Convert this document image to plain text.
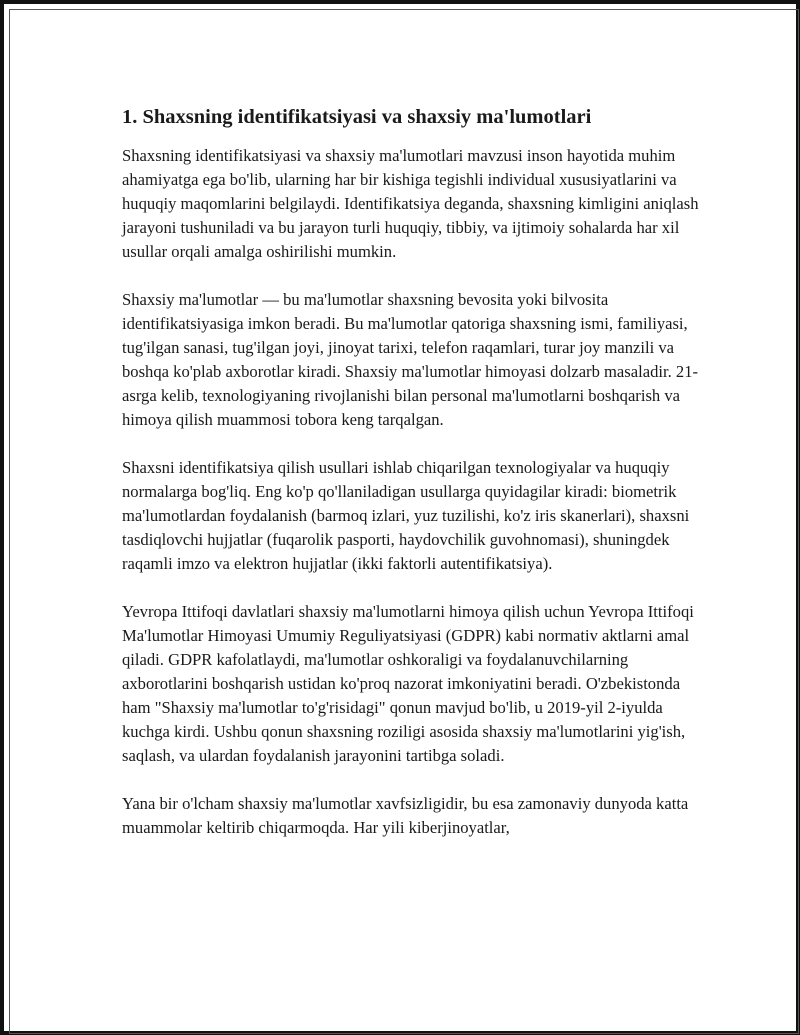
1. Shaxsning identifikatsiyasi va shaxsiy ma'lumotlari

Shaxsning identifikatsiyasi va shaxsiy ma'lumotlari mavzusi inson hayotida muhim ahamiyatga ega bo'lib, ularning har bir kishiga tegishli individual xususiyatlarini va huquqiy maqomlarini belgilaydi. Identifikatsiya deganda, shaxsning kimligini aniqlash jarayoni tushuniladi va bu jarayon turli huquqiy, tibbiy, va ijtimoiy sohalarda har xil usullar orqali amalga oshirilishi mumkin.

Shaxsiy ma'lumotlar — bu ma'lumotlar shaxsning bevosita yoki bilvosita identifikatsiyasiga imkon beradi. Bu ma'lumotlar qatoriga shaxsning ismi, familiyasi, tug'ilgan sanasi, tug'ilgan joyi, jinoyat tarixi, telefon raqamlari, turar joy manzili va boshqa ko'plab axborotlar kiradi. Shaxsiy ma'lumotlar himoyasi dolzarb masaladir. 21-asrga kelib, texnologiyaning rivojlanishi bilan personal ma'lumotlarni boshqarish va himoya qilish muammosi tobora keng tarqalgan.

Shaxsni identifikatsiya qilish usullari ishlab chiqarilgan texnologiyalar va huquqiy normalarga bog'liq. Eng ko'p qo'llaniladigan usullarga quyidagilar kiradi: biometrik ma'lumotlardan foydalanish (barmoq izlari, yuz tuzilishi, ko'z iris skanerlari), shaxsni tasdiqlovchi hujjatlar (fuqarolik pasporti, haydovchilik guvohnomasi), shuningdek raqamli imzo va elektron hujjatlar (ikki faktorli autentifikatsiya).

Yevropa Ittifoqi davlatlari shaxsiy ma'lumotlarni himoya qilish uchun Yevropa Ittifoqi Ma'lumotlar Himoyasi Umumiy Reguliyatsiyasi (GDPR) kabi normativ aktlarni amal qiladi. GDPR kafolatlaydi, ma'lumotlar oshkoraligi va foydalanuvchilarning axborotlarini boshqarish ustidan ko'proq nazorat imkoniyatini beradi. O'zbekistonda ham "Shaxsiy ma'lumotlar to'g'risidagi" qonun mavjud bo'lib, u 2019-yil 2-iyulda kuchga kirdi. Ushbu qonun shaxsning roziligi asosida shaxsiy ma'lumotlarini yig'ish, saqlash, va ulardan foydalanish jarayonini tartibga soladi.

Yana bir o'lcham shaxsiy ma'lumotlar xavfsizligidir, bu esa zamonaviy dunyoda katta muammolar keltirib chiqarmoqda. Har yili kiberjinoyatlar,
